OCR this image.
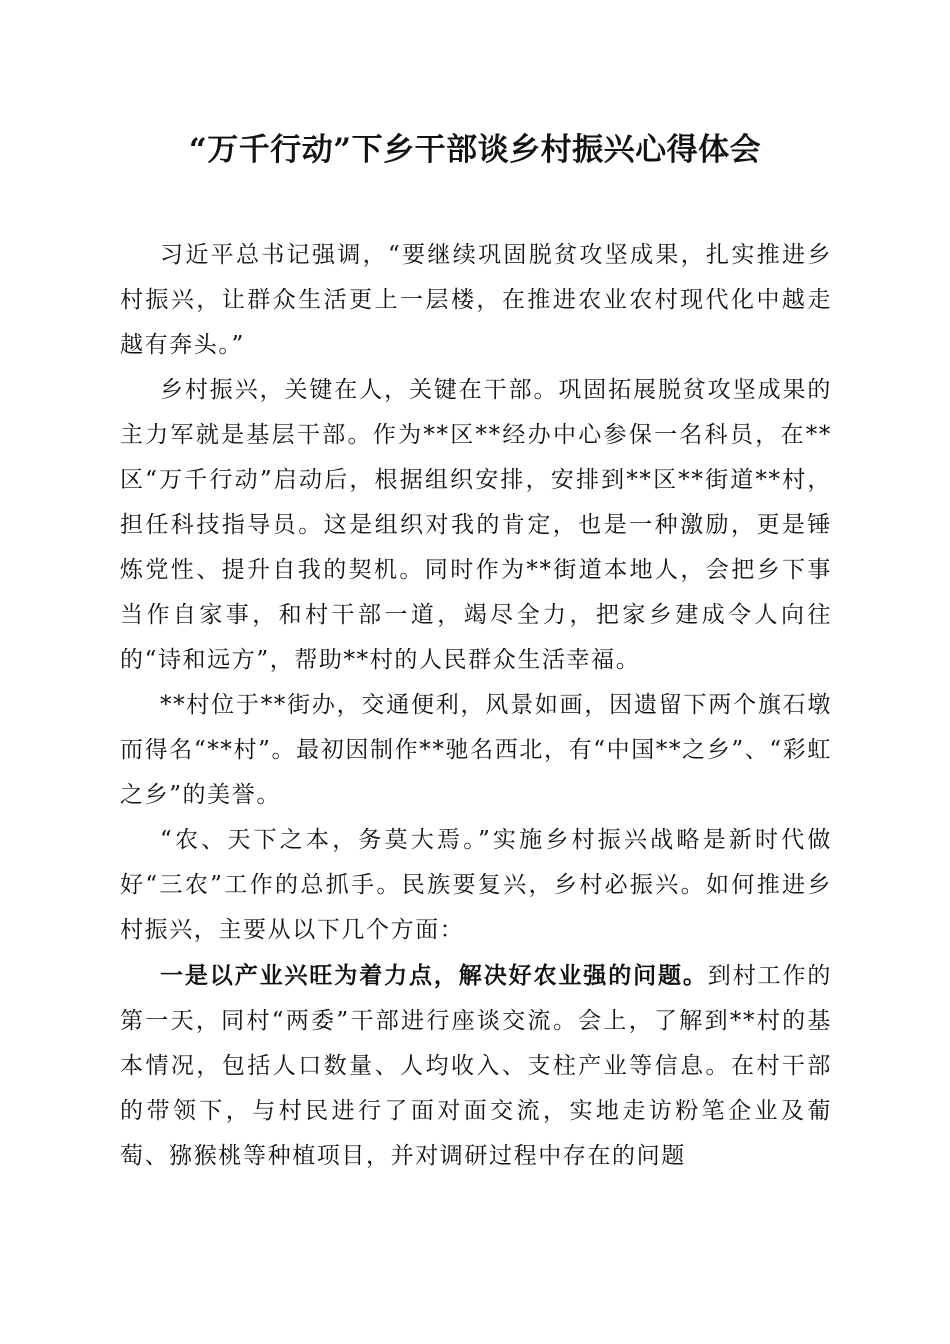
“万千行动”下乡干部谈乡村振兴心得体会

习近平总书记强调，“要继续巩固脱贫攻坚成果，扎实推进乡村振兴，让群众生活更上一层楼，在推进农业农村现代化中越走越有奔头。”

乡村振兴，关键在人，关键在干部。巩固拓展脱贫攻坚成果的主力军就是基层干部。作为**区**经办中心参保一名科员，在**区“万千行动”启动后，根据组织安排，安排到**区**街道**村，担任科技指导员。这是组织对我的肯定，也是一种激励，更是锤炼党性、提升自我的契机。同时作为**街道本地人，会把乡下事当作自家事，和村干部一道，竭尽全力，把家乡建成令人向往的“诗和远方”，帮助**村的人民群众生活幸福。

**村位于**街办，交通便利，风景如画，因遗留下两个旗石墩而得名“**村”。最初因制作**驰名西北，有“中国**之乡”、“彩虹之乡”的美誉。

“农、天下之本，务莫大焉。”实施乡村振兴战略是新时代做好“三农”工作的总抓手。民族要复兴，乡村必振兴。如何推进乡村振兴，主要从以下几个方面：

一是以产业兴旺为着力点，解决好农业强的问题。到村工作的第一天，同村“两委”干部进行座谈交流。会上，了解到**村的基本情况，包括人口数量、人均收入、支柱产业等信息。在村干部的带领下，与村民进行了面对面交流，实地走访粉笔企业及葡萄、猕猴桃等种植项目，并对调研过程中存在的问题
